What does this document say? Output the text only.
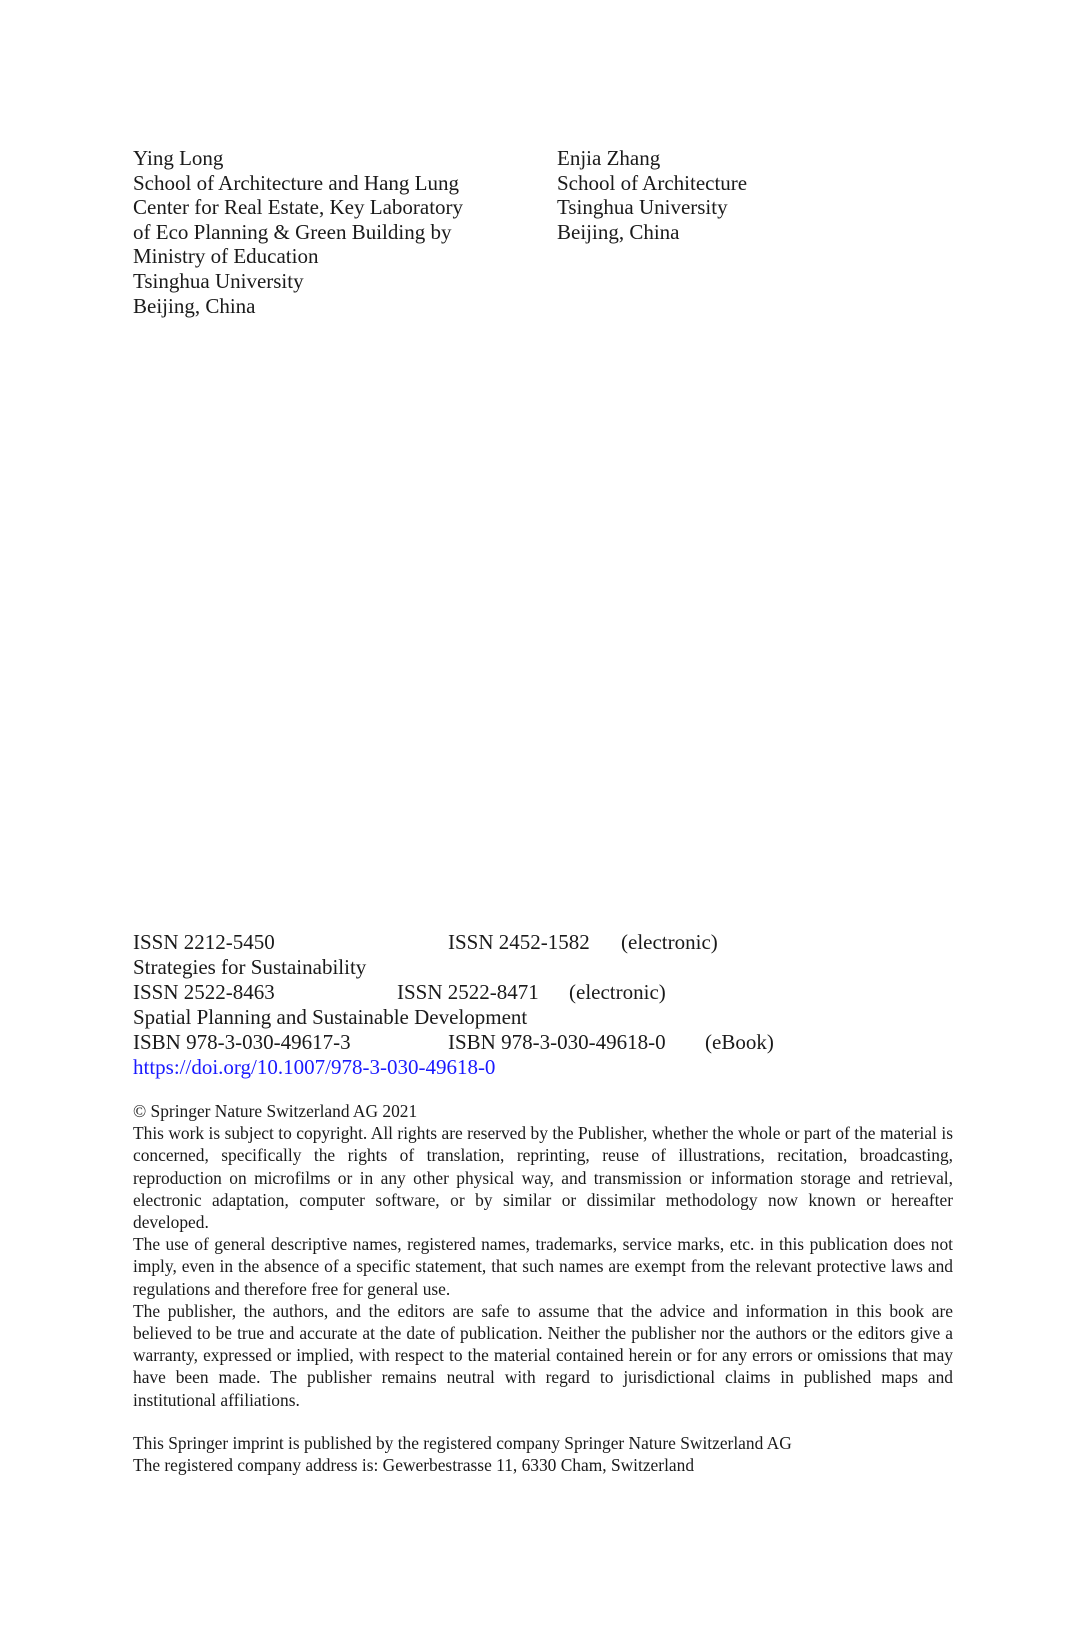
Ying Long
School of Architecture and Hang Lung
Center for Real Estate, Key Laboratory
of Eco Planning & Green Building by
Ministry of Education
Tsinghua University
Beijing, China
Enjia Zhang
School of Architecture
Tsinghua University
Beijing, China
ISSN 2212-5450	ISSN 2452-1582 (electronic)
Strategies for Sustainability
ISSN 2522-8463	ISSN 2522-8471 (electronic)
Spatial Planning and Sustainable Development
ISBN 978-3-030-49617-3	ISBN 978-3-030-49618-0 (eBook)
https://doi.org/10.1007/978-3-030-49618-0

© Springer Nature Switzerland AG 2021

This work is subject to copyright. All rights are reserved by the Publisher, whether the whole or part of the material is concerned, specifically the rights of translation, reprinting, reuse of illustrations, recitation, broadcasting, reproduction on microfilms or in any other physical way, and transmission or information storage and retrieval, electronic adaptation, computer software, or by similar or dissimilar methodology now known or hereafter developed.

The use of general descriptive names, registered names, trademarks, service marks, etc. in this publication does not imply, even in the absence of a specific statement, that such names are exempt from the relevant protective laws and regulations and therefore free for general use.

The publisher, the authors, and the editors are safe to assume that the advice and information in this book are believed to be true and accurate at the date of publication. Neither the publisher nor the authors or the editors give a warranty, expressed or implied, with respect to the material contained herein or for any errors or omissions that may have been made. The publisher remains neutral with regard to jurisdictional claims in published maps and institutional affiliations.

This Springer imprint is published by the registered company Springer Nature Switzerland AG

The registered company address is: Gewerbestrasse 11, 6330 Cham, Switzerland
